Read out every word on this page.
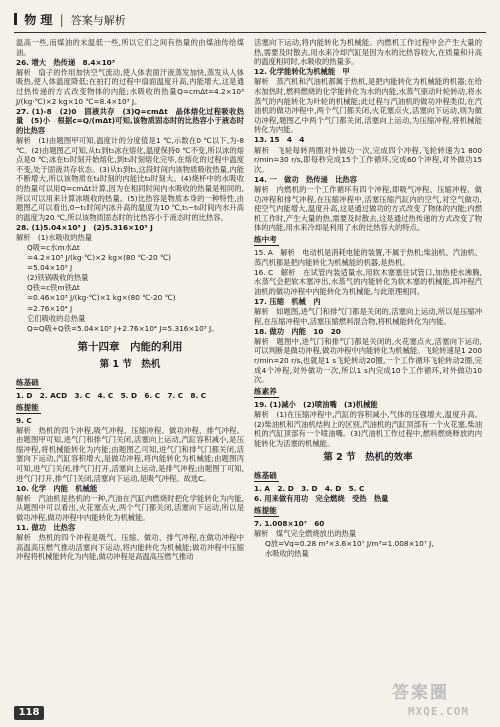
物 理 | 答案与解析

温高一些,而煤油的末温低一些,所以它们之间有热量的由煤油传给煤油。

26. 增大　热传递　8.4×10³

解析　扇子的作用加快空气流动,使人体表面汗液蒸发加快,蒸发从人体吸热,使人体温度降低;在拍打的过程中扇面温度升高,内能增大,这是通过热传递的方式改变物体的内能;水吸收的热量Q=cmΔt=4.2×10³ J/(kg·℃)×2 kg×10 ℃=8.4×10³ J。

27. (1)-8　(2)0　固液共存　(3)Q=cmΔt　晶体熔化过程吸收热量　(5)小　根据c=Q/(mΔt)可知,该物质固态时的比热容小于液态时的比热容

解析　(1)由题图甲可知,温度计的分度值是1 ℃,示数在0 ℃以下,为-8 ℃。(2)由题图乙可知,从t₁到t₅冰在熔化,温度保持0 ℃不变,所以冰的熔点是0 ℃;冰在t₁时刻开始熔化,到t₅时刻熔化完毕,在熔化的过程中温度不变,处于固液共存状态。(3)从t₁到t₅,这段时间内该物质吸收热量,内能不断增大,所以该物质在t₄时刻的内能比t₃时刻大。(4)烧杯中的水吸收的热量可以用Q=cmΔt计算,因为在相同时间内水吸收的热量是相同的,所以可以用来计算冰吸收的热量。(5)比热容是物质本身的一种特性,由题图乙可以看出,0~t₁时间内冰升高的温度为10 ℃,t₅~t₆时间内水升高的温度为20 ℃,所以该物质固态时的比热容小于液态时的比热容。

28. (1)5.04×10⁵ J　(2)5.316×10⁵ J

解析　(1)水吸收的热量

Q吸=c水m水Δt

=4.2×10³ J/(kg·℃)×2 kg×(80 ℃-20 ℃)

=5.04×10⁵ J

(2)铁锅吸收的热量

Q铁=c铁m铁Δt

=0.46×10³ J/(kg·℃)×1 kg×(80 ℃-20 ℃)

=2.76×10⁴ J

它们吸收的总热量

Q=Q吸+Q铁=5.04×10⁵ J+2.76×10⁴ J=5.316×10⁵ J。

第十四章　内能的利用
第 1 节　热机
练基础

1. D　2. ACD　3. C　4. C　5. D　6. C　7. C　8. C

练提能

9. C

解析　热机的四个冲程,吸气冲程、压缩冲程、做功冲程、排气冲程。由题图甲可知,进气门和排气门关闭,活塞向上运动,汽缸容积减小,是压缩冲程,将机械能转化为内能;由题图乙可知,进气门和排气门都关闭,活塞向下运动,汽缸容积增大,是做功冲程,将内能转化为机械能;由题图丙可知,进气门关闭,排气门打开,活塞向上运动,是排气冲程;由题图丁可知,进气门打开,排气门关闭,活塞向下运动,是吸气冲程。故选C。

10. 化学　内能　机械能

解析　汽油机是热机的一种,汽油在汽缸内燃烧时把化学能转化为内能,从题图中可以看出,火花塞点火,两个气门都关闭,活塞向下运动,所以是做功冲程,做功冲程中内能转化为机械能。

11. 做功　比热容

解析　热机的四个冲程是吸气、压缩、做功、排气冲程,在做功冲程中高温高压燃气推动活塞向下运动,将内能转化为机械能;做功冲程中压缩冲程将机械能转化为内能,做功冲程是高温高压燃气推动

活塞向下运动,将内能转化为机械能。内燃机工作过程中会产生大量的热,需要及时散去,用水来冷却汽缸是因为水的比热容较大,在质量和升高的温度相同时,水吸收的热量多。

12. 化学能转化为机械能　甲

解析　蒸汽机和汽油机都属于热机,是把内能转化为机械能的机器;在给水加热时,燃料燃烧的化学能转化为水的内能,水蒸气驱动叶轮转动,将水蒸气的内能转化为叶轮的机械能;此过程与汽油机的做功冲程类似,在汽油机的做功冲程中,两个气门都关闭,火花塞点火,活塞向下运动,则为做功冲程,题图乙中两个气门都关闭,活塞向上运动,为压缩冲程,将机械能转化为内能。

13. 15　4　4

解析　飞轮每转两圈对外做功一次,完成四个冲程,飞轮转速为1 800 r/min=30 r/s,即每秒完成15个工作循环,完成60个冲程,对外做功15次。

14. 一　做功　热传递　比热容

解析　内燃机的一个工作循环有四个冲程,即吸气冲程、压缩冲程、做功冲程和排气冲程,在压缩冲程中,活塞压缩汽缸内的空气,对空气做功,使空气内能增大,温度升高,这是通过做功的方式改变了物体的内能;内燃机工作时,产生大量的热,需要及时散去,这是通过热传递的方式改变了物体的内能,用水来冷却是利用了水的比热容大的特点。

练中考

15. A　解析　电动机是消耗电能的装置,不属于热机;柴油机、汽油机、蒸汽机都是把内能转化为机械能的机器,是热机。

16. C　解析　在试管内装适量水,用软木塞塞住试管口,加热使水沸腾,水蒸气会把软木塞冲出,水蒸气的内能转化为软木塞的机械能,四冲程汽油机的做功冲程中内能转化为机械能,与此原理相同。

17. 压缩　机械　内

解析　如题图,进气门和排气门都是关闭的,活塞向上运动,所以是压缩冲程,在压缩冲程中,活塞压缩燃料混合物,将机械能转化为内能。

18. 做功　内能　10　20

解析　题图中,进气门和排气门都是关闭的,火花塞点火,活塞向下运动,可以判断是做功冲程,做功冲程中内能转化为机械能。飞轮转速是1 200 r/min=20 r/s,也就是1 s飞轮转动20圈,一个工作循环飞轮转动2圈,完成4个冲程,对外做功一次,所以1 s内完成10个工作循环,对外做功10次。

练素养

19. (1)减小　(2)喷油嘴　(3)机械能

解析　(1)在压缩冲程中,汽缸的容积减小,气体的压强增大,温度升高。(2)柴油机和汽油机结构上的区别,汽油机的汽缸顶部有一个火花塞,柴油机的汽缸顶部有一个喷油嘴。(3)汽油机工作过程中,燃料燃烧释放的内能转化为活塞的机械能。

第 2 节　热机的效率
练基础

1. A　2. D　3. D　4. D　5. C

6. 用来做有用功　完全燃烧　受热　热量

练提能

7. 1.008×10⁷　60

解析　煤气完全燃烧放出的热量

Q放=Vq=0.28 m³×3.6×10⁷ J/m³=1.008×10⁷ J,

水吸收的热量

118
答案圈
MXQE.COM
